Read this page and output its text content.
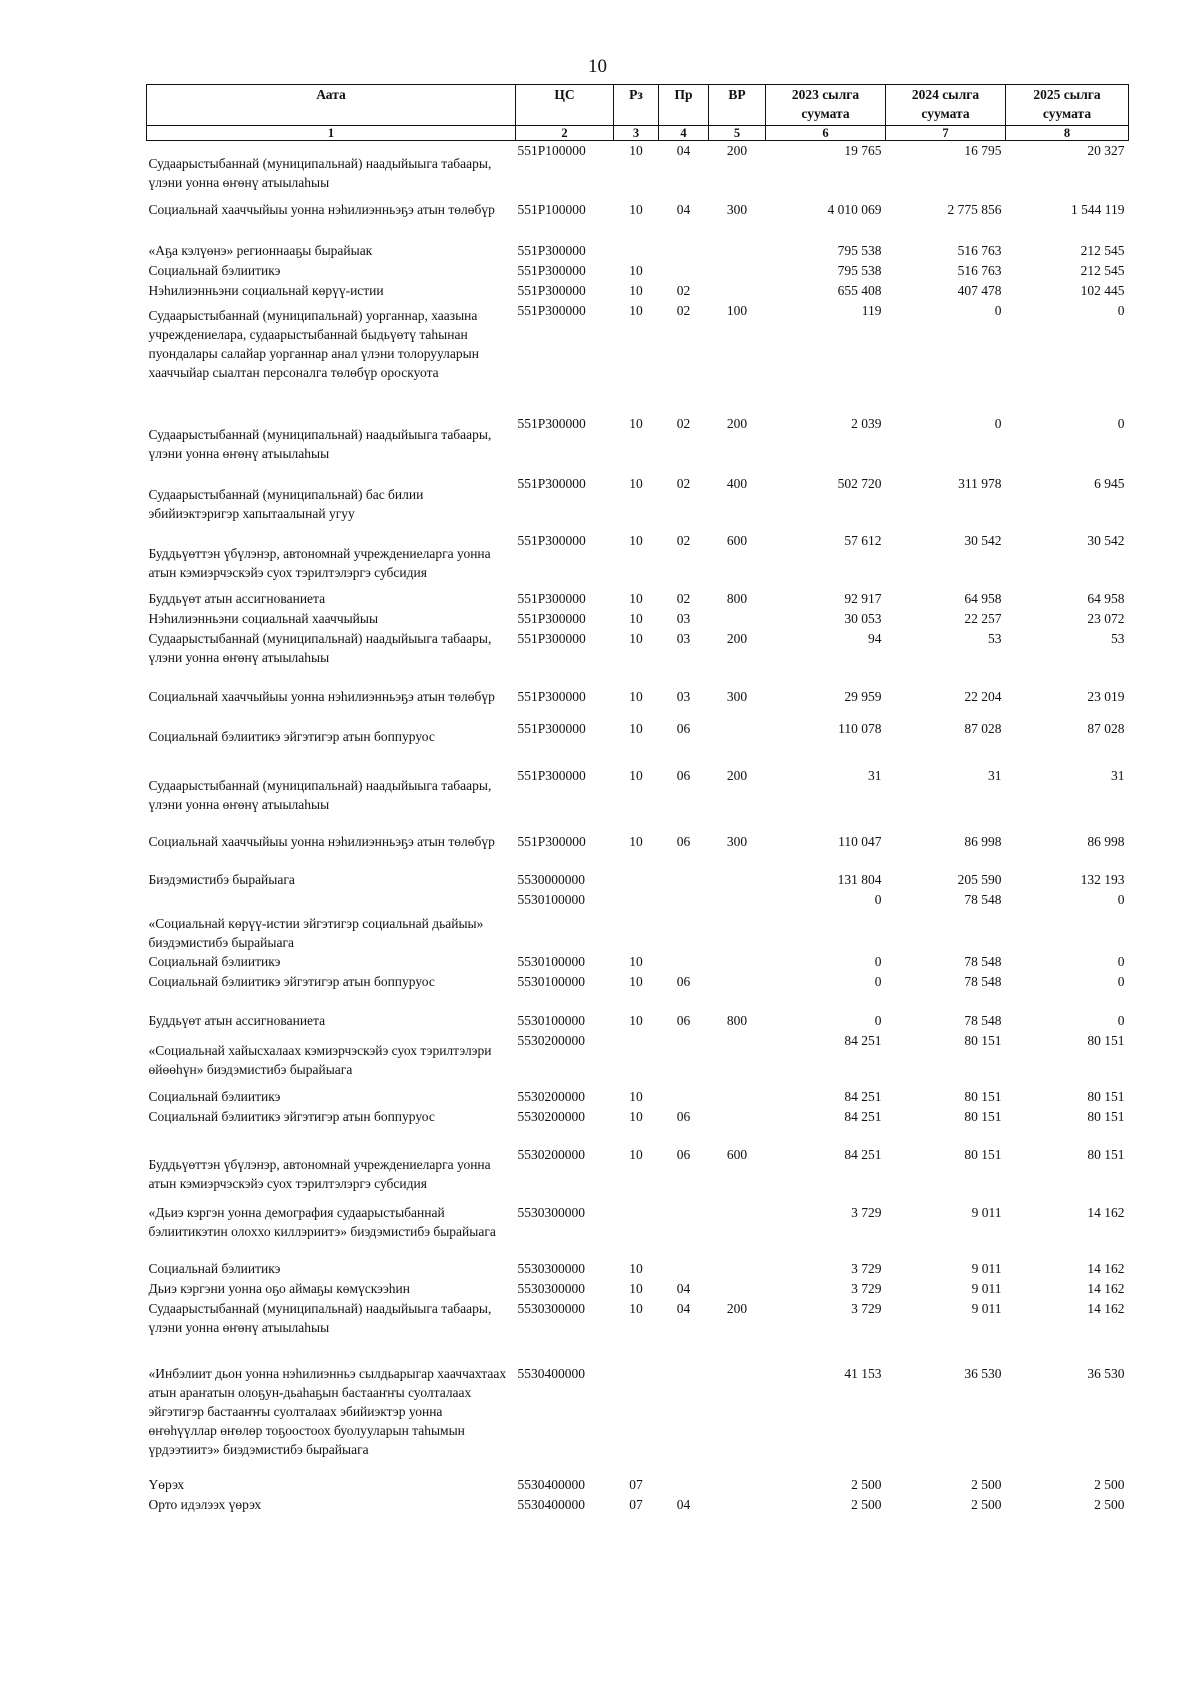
10
Аата	ЦС	Рз	Пр	ВР	2023 сылга суумата	2024 сылга суумата	2025 сылга суумата
1	2	3	4	5	6	7	8
Судаарыстыбаннай (муниципальнай) наадыйыыга табаары, үлэни уонна өҥөнү атыылаһыы	551P100000	10	04	200	19 765	16 795	20 327
Социальнай хааччыйыы уонна нэһилиэнньэҕэ атын төлөбүр	551P100000	10	04	300	4 010 069	2 775 856	1 544 119
«Аҕа кэлүөнэ» регионнааҕы бырайыак	551P300000				795 538	516 763	212 545
Социальнай бэлиитикэ	551P300000	10			795 538	516 763	212 545
Нэһилиэнньэни социальнай көрүү-истии	551P300000	10	02		655 408	407 478	102 445
Судаарыстыбаннай (муниципальнай) уорганнар, хаазына учреждениелара, судаарыстыбаннай быдьүөтү таһынан пуондалары салайар уорганнар анал үлэни толорууларын хааччыйар сыалтан персоналга төлөбүр ороскуота	551P300000	10	02	100	119	0	0
Судаарыстыбаннай (муниципальнай) наадыйыыга табаары, үлэни уонна өҥөнү атыылаһыы	551P300000	10	02	200	2 039	0	0
Судаарыстыбаннай (муниципальнай) бас билии эбийиэктэригэр хапытаалынай угуу	551P300000	10	02	400	502 720	311 978	6 945
Буддьүөттэн үбүлэнэр, автономнай учреждениеларга уонна атын кэмиэрчэскэйэ суох тэрилтэлэргэ субсидия	551P300000	10	02	600	57 612	30 542	30 542
Буддьүөт атын ассигнованиета	551P300000	10	02	800	92 917	64 958	64 958
Нэһилиэнньэни социальнай хааччыйыы	551P300000	10	03		30 053	22 257	23 072
Судаарыстыбаннай (муниципальнай) наадыйыыга табаары, үлэни уонна өҥөнү атыылаһыы	551P300000	10	03	200	94	53	53
Социальнай хааччыйыы уонна нэһилиэнньэҕэ атын төлөбүр	551P300000	10	03	300	29 959	22 204	23 019
Социальнай бэлиитикэ эйгэтигэр атын боппуруос	551P300000	10	06		110 078	87 028	87 028
Судаарыстыбаннай (муниципальнай) наадыйыыга табаары, үлэни уонна өҥөнү атыылаһыы	551P300000	10	06	200	31	31	31
Социальнай хааччыйыы уонна нэһилиэнньэҕэ атын төлөбүр	551P300000	10	06	300	110 047	86 998	86 998
Биэдэмистибэ бырайыага	5530000000				131 804	205 590	132 193
«Социальнай көрүү-истии эйгэтигэр социальнай дьайыы» биэдэмистибэ бырайыага	5530100000				0	78 548	0
Социальнай бэлиитикэ	5530100000	10			0	78 548	0
Социальнай бэлиитикэ эйгэтигэр атын боппуруос	5530100000	10	06		0	78 548	0
Буддьүөт атын ассигнованиета	5530100000	10	06	800	0	78 548	0
«Социальнай хайысхалаах кэмиэрчэскэйэ суох тэрилтэлэри өйөөһүн» биэдэмистибэ бырайыага	5530200000				84 251	80 151	80 151
Социальнай бэлиитикэ	5530200000	10			84 251	80 151	80 151
Социальнай бэлиитикэ эйгэтигэр атын боппуруос	5530200000	10	06		84 251	80 151	80 151
Буддьүөттэн үбүлэнэр, автономнай учреждениеларга уонна атын кэмиэрчэскэйэ суох тэрилтэлэргэ субсидия	5530200000	10	06	600	84 251	80 151	80 151
«Дьиэ кэргэн уонна демография судаарыстыбаннай бэлиитикэтин олоххо киллэриитэ» биэдэмистибэ бырайыага	5530300000				3 729	9 011	14 162
Социальнай бэлиитикэ	5530300000	10			3 729	9 011	14 162
Дьиэ кэргэни уонна оҕо аймаҕы көмүскээһин	5530300000	10	04		3 729	9 011	14 162
Судаарыстыбаннай (муниципальнай) наадыйыыга табаары, үлэни уонна өҥөнү атыылаһыы	5530300000	10	04	200	3 729	9 011	14 162
«Инбэлиит дьон уонна нэһилиэнньэ сылдьарыгар хааччахтаах атын араҥатын олоҕун-дьаһаҕын бастааҥҥы суолталаах эйгэтигэр бастааҥҥы суолталаах эбийиэктэр уонна өҥөһүүллар өҥөлөр тоҕоостоох буолууларын таһымын үрдээтиитэ» биэдэмистибэ бырайыага	5530400000				41 153	36 530	36 530
Үөрэх	5530400000	07			2 500	2 500	2 500
Орто идэлээх үөрэх	5530400000	07	04		2 500	2 500	2 500
